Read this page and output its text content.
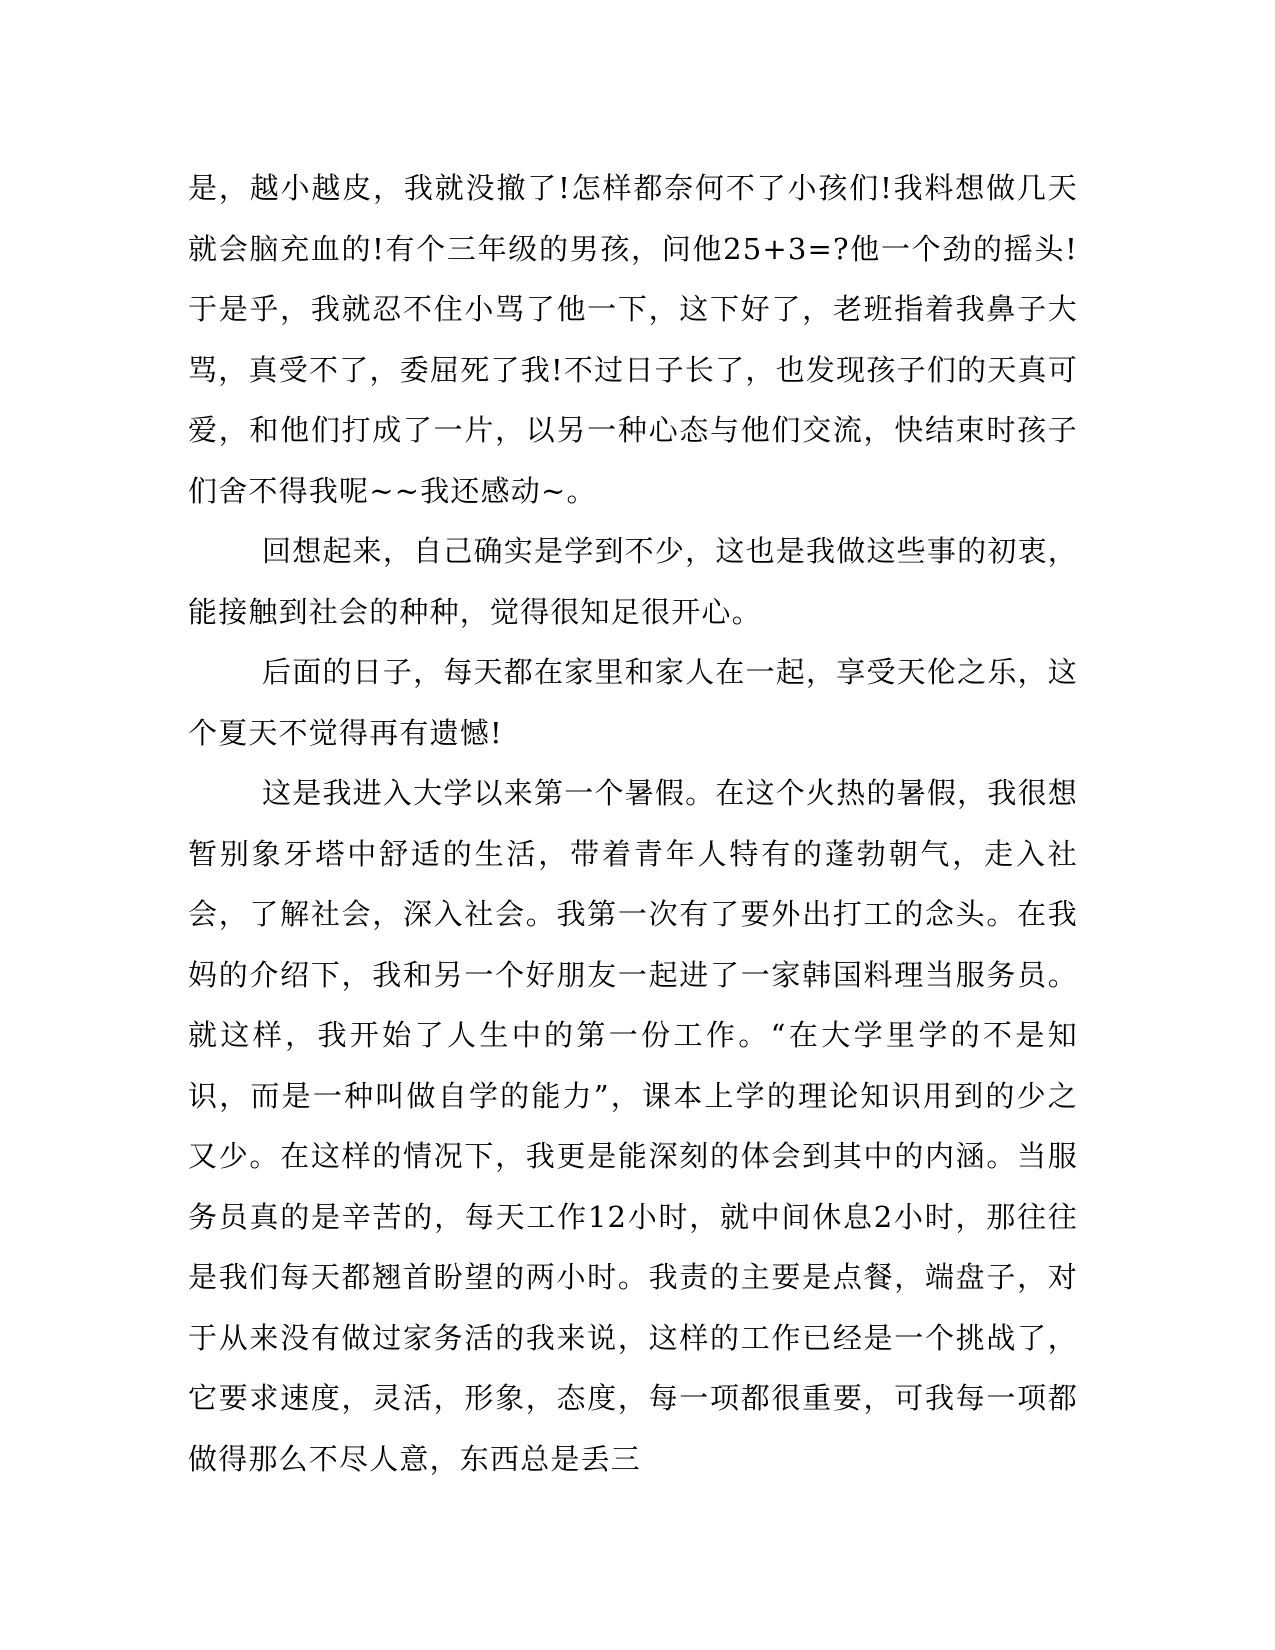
是，越小越皮，我就没撤了!怎样都奈何不了小孩们!我料想做几天就会脑充血的!有个三年级的男孩，问他25+3=?他一个劲的摇头!于是乎，我就忍不住小骂了他一下，这下好了，老班指着我鼻子大骂，真受不了，委屈死了我!不过日子长了，也发现孩子们的天真可爱，和他们打成了一片，以另一种心态与他们交流，快结束时孩子们舍不得我呢~~我还感动~。

回想起来，自己确实是学到不少，这也是我做这些事的初衷，能接触到社会的种种，觉得很知足很开心。

后面的日子，每天都在家里和家人在一起，享受天伦之乐，这个夏天不觉得再有遗憾!

这是我进入大学以来第一个暑假。在这个火热的暑假，我很想暂别象牙塔中舒适的生活，带着青年人特有的蓬勃朝气，走入社会，了解社会，深入社会。我第一次有了要外出打工的念头。在我妈的介绍下，我和另一个好朋友一起进了一家韩国料理当服务员。就这样，我开始了人生中的第一份工作。“在大学里学的不是知识，而是一种叫做自学的能力”，课本上学的理论知识用到的少之又少。在这样的情况下，我更是能深刻的体会到其中的内涵。当服务员真的是辛苦的，每天工作12小时，就中间休息2小时，那往往是我们每天都翘首盼望的两小时。我责的主要是点餐，端盘子，对于从来没有做过家务活的我来说，这样的工作已经是一个挑战了，它要求速度，灵活，形象，态度，每一项都很重要，可我每一项都做得那么不尽人意，东西总是丢三
